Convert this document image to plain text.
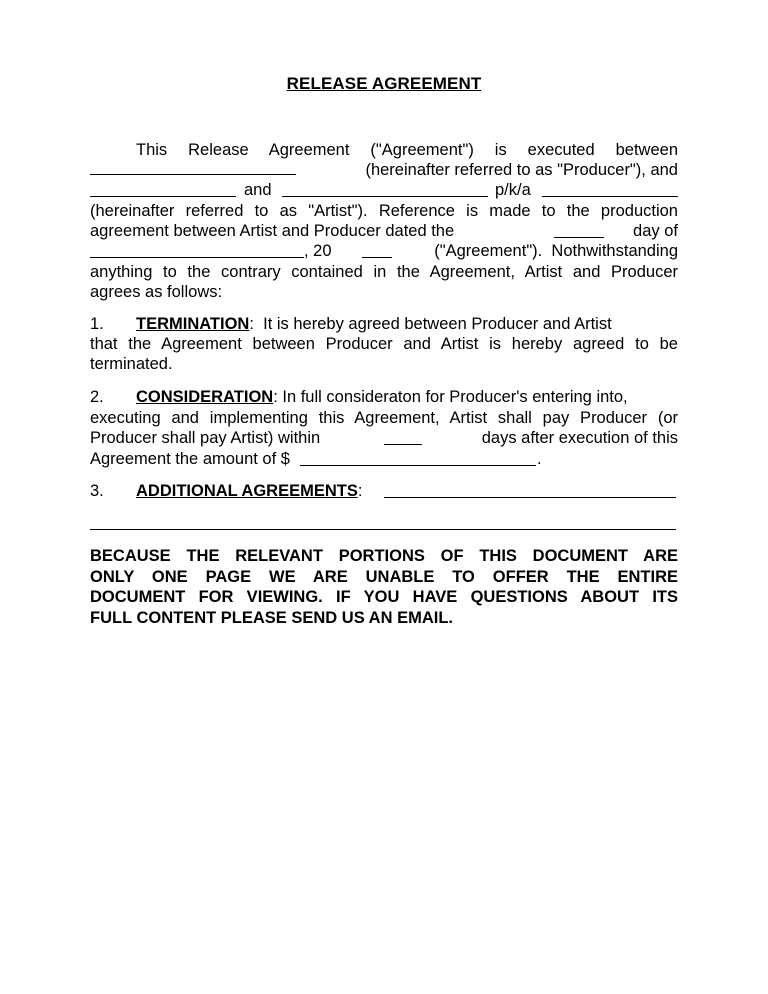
RELEASE AGREEMENT
This Release Agreement ("Agreement") is executed between
(hereinafter referred to as "Producer"), and
and	p/k/a
(hereinafter referred to as "Artist"). Reference is made to the production
agreement between Artist and Producer dated the	day of
, 20	("Agreement").  Nothwithstanding
anything to the contrary contained in the Agreement, Artist and Producer
agrees as follows:
1. TERMINATION:  It is hereby agreed between Producer and Artist
that the Agreement between Producer and Artist is hereby agreed to be
terminated.
2. CONSIDERATION: In full consideraton for Producer's entering into,
executing and implementing this Agreement, Artist shall pay Producer (or
Producer shall pay Artist) within	days after execution of this
Agreement the amount of $	.
3. ADDITIONAL AGREEMENTS:
BECAUSE THE RELEVANT PORTIONS OF THIS DOCUMENT ARE
ONLY ONE PAGE WE ARE UNABLE TO OFFER THE ENTIRE
DOCUMENT FOR VIEWING. IF YOU HAVE QUESTIONS ABOUT ITS
FULL CONTENT PLEASE SEND US AN EMAIL.
